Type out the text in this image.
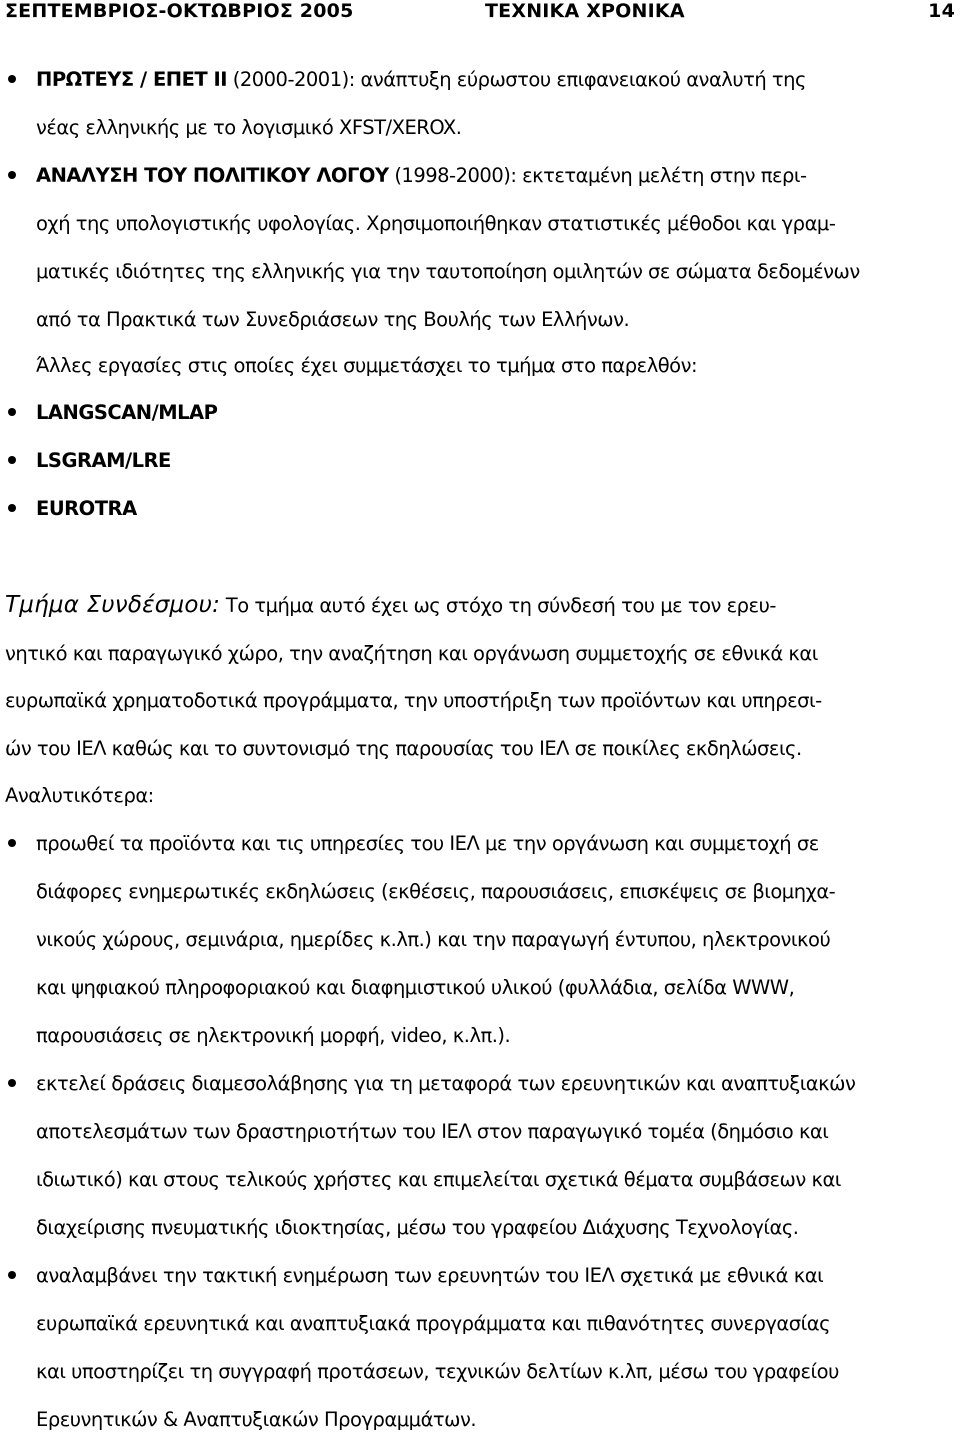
ΣΕΠΤΕΜΒΡΙΟΣ-ΟΚΤΩΒΡΙΟΣ 2005	ΤΕΧΝΙΚΑ ΧΡΟΝΙΚΑ	14
ΠΡΩΤΕΥΣ / ΕΠΕΤ ΙΙ (2000-2001): ανάπτυξη εύρωστου επιφανειακού αναλυτή της
νέας ελληνικής με το λογισμικό XFST/XEROX.
ΑΝΑΛΥΣΗ ΤΟΥ ΠΟΛΙΤΙΚΟΥ ΛΟΓΟΥ (1998-2000): εκτεταμένη μελέτη στην περι-
οχή της υπολογιστικής υφολογίας. Χρησιμοποιήθηκαν στατιστικές μέθοδοι και γραμ-
ματικές ιδιότητες της ελληνικής για την ταυτοποίηση ομιλητών σε σώματα δεδομένων
από τα Πρακτικά των Συνεδριάσεων της Βουλής των Ελλήνων.
Άλλες εργασίες στις οποίες έχει συμμετάσχει το τμήμα στο παρελθόν:
LANGSCAN/MLAP
LSGRAM/LRE
EUROTRA
Τμήμα Συνδέσμου: Το τμήμα αυτό έχει ως στόχο τη σύνδεσή του με τον ερευ-
νητικό και παραγωγικό χώρο, την αναζήτηση και οργάνωση συμμετοχής σε εθνικά και
ευρωπαϊκά χρηματοδοτικά προγράμματα, την υποστήριξη των προϊόντων και υπηρεσι-
ών του ΙΕΛ καθώς και το συντονισμό της παρουσίας του ΙΕΛ σε ποικίλες εκδηλώσεις.
Αναλυτικότερα:
προωθεί τα προϊόντα και τις υπηρεσίες του ΙΕΛ με την οργάνωση και συμμετοχή σε
διάφορες ενημερωτικές εκδηλώσεις (εκθέσεις, παρουσιάσεις, επισκέψεις σε βιομηχα-
νικούς χώρους, σεμινάρια, ημερίδες κ.λπ.) και την παραγωγή έντυπου, ηλεκτρονικού
και ψηφιακού πληροφοριακού και διαφημιστικού υλικού (φυλλάδια, σελίδα WWW,
παρουσιάσεις σε ηλεκτρονική μορφή, video, κ.λπ.).
εκτελεί δράσεις διαμεσολάβησης για τη μεταφορά των ερευνητικών και αναπτυξιακών
αποτελεσμάτων των δραστηριοτήτων του ΙΕΛ στον παραγωγικό τομέα (δημόσιο και
ιδιωτικό) και στους τελικούς χρήστες και επιμελείται σχετικά θέματα συμβάσεων και
διαχείρισης πνευματικής ιδιοκτησίας, μέσω του γραφείου Διάχυσης Τεχνολογίας.
αναλαμβάνει την τακτική ενημέρωση των ερευνητών του ΙΕΛ σχετικά με εθνικά και
ευρωπαϊκά ερευνητικά και αναπτυξιακά προγράμματα και πιθανότητες συνεργασίας
και υποστηρίζει τη συγγραφή προτάσεων, τεχνικών δελτίων κ.λπ, μέσω του γραφείου
Ερευνητικών & Αναπτυξιακών Προγραμμάτων.
